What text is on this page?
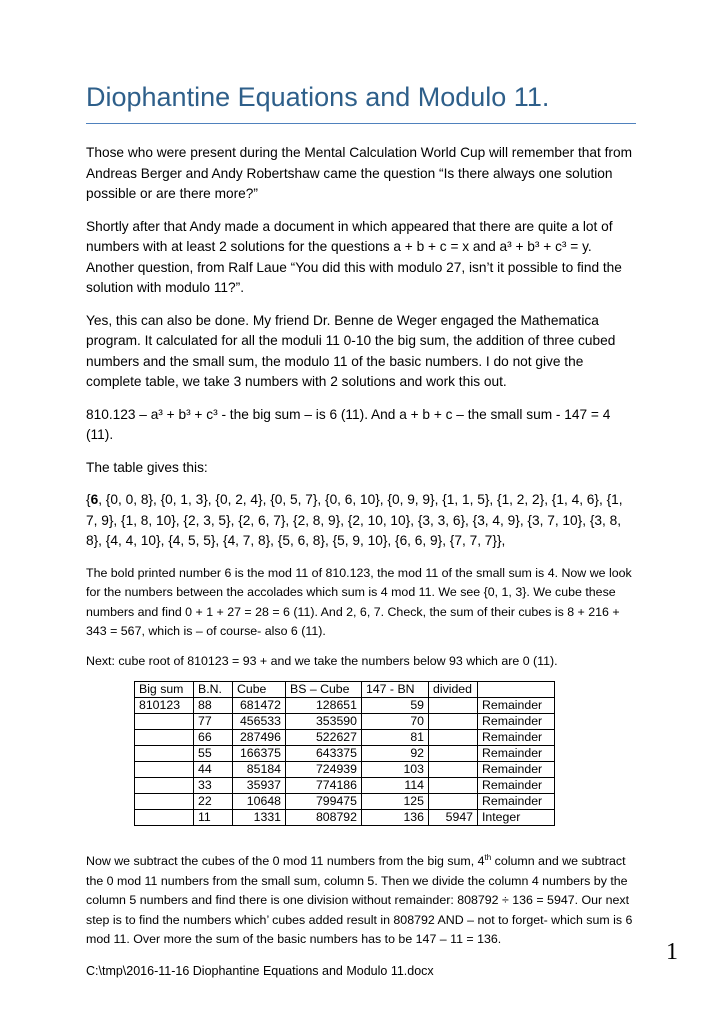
Diophantine Equations and Modulo 11.

Those who were present during the Mental Calculation World Cup will remember that from Andreas Berger and Andy Robertshaw came the question “Is there always one solution possible or are there more?”

Shortly after that Andy made a document in which appeared that there are quite a lot of numbers with at least 2 solutions for the questions a + b + c = x and a³ + b³ + c³ = y. Another question, from Ralf Laue “You did this with modulo 27, isn’t it possible to find the solution with modulo 11?”.

Yes, this can also be done. My friend Dr. Benne de Weger engaged the Mathematica program. It calculated for all the moduli 11 0-10 the big sum, the addition of three cubed numbers and the small sum, the modulo 11 of the basic numbers. I do not give the complete table, we take 3 numbers with 2 solutions and work this out.

810.123 – a³ + b³ + c³ - the big sum – is 6 (11). And a + b + c – the small sum - 147 = 4 (11).

The table gives this:

{6, {0, 0, 8}, {0, 1, 3}, {0, 2, 4}, {0, 5, 7}, {0, 6, 10}, {0, 9, 9}, {1, 1, 5}, {1, 2, 2}, {1, 4, 6}, {1, 7, 9}, {1, 8, 10}, {2, 3, 5}, {2, 6, 7}, {2, 8, 9}, {2, 10, 10}, {3, 3, 6}, {3, 4, 9}, {3, 7, 10}, {3, 8, 8}, {4, 4, 10}, {4, 5, 5}, {4, 7, 8}, {5, 6, 8}, {5, 9, 10}, {6, 6, 9}, {7, 7, 7}},

The bold printed number 6 is the mod 11 of 810.123, the mod 11 of the small sum is 4. Now we look for the numbers between the accolades which sum is 4 mod 11. We see {0, 1, 3}. We cube these numbers and find 0 + 1 + 27 = 28 = 6 (11). And 2, 6, 7. Check, the sum of their cubes is 8 + 216 + 343 = 567, which is – of course- also 6 (11).

Next: cube root of 810123 = 93 + and we take the numbers below 93 which are 0 (11).

Big sum	B.N.	Cube	BS – Cube	147 - BN	divided	
810123	88	681472	128651	59		Remainder
	77	456533	353590	70		Remainder
	66	287496	522627	81		Remainder
	55	166375	643375	92		Remainder
	44	85184	724939	103		Remainder
	33	35937	774186	114		Remainder
	22	10648	799475	125		Remainder
	11	1331	808792	136	5947	Integer

Now we subtract the cubes of the 0 mod 11 numbers from the big sum, 4th column and we subtract the 0 mod 11 numbers from the small sum, column 5. Then we divide the column 4 numbers by the column 5 numbers and find there is one division without remainder: 808792 ÷ 136 = 5947. Our next step is to find the numbers which’ cubes added result in 808792 AND – not to forget- which sum is 6 mod 11. Over more the sum of the basic numbers has to be 147 – 11 = 136.	1
C:\tmp\2016-11-16 Diophantine Equations and Modulo 11.docx
